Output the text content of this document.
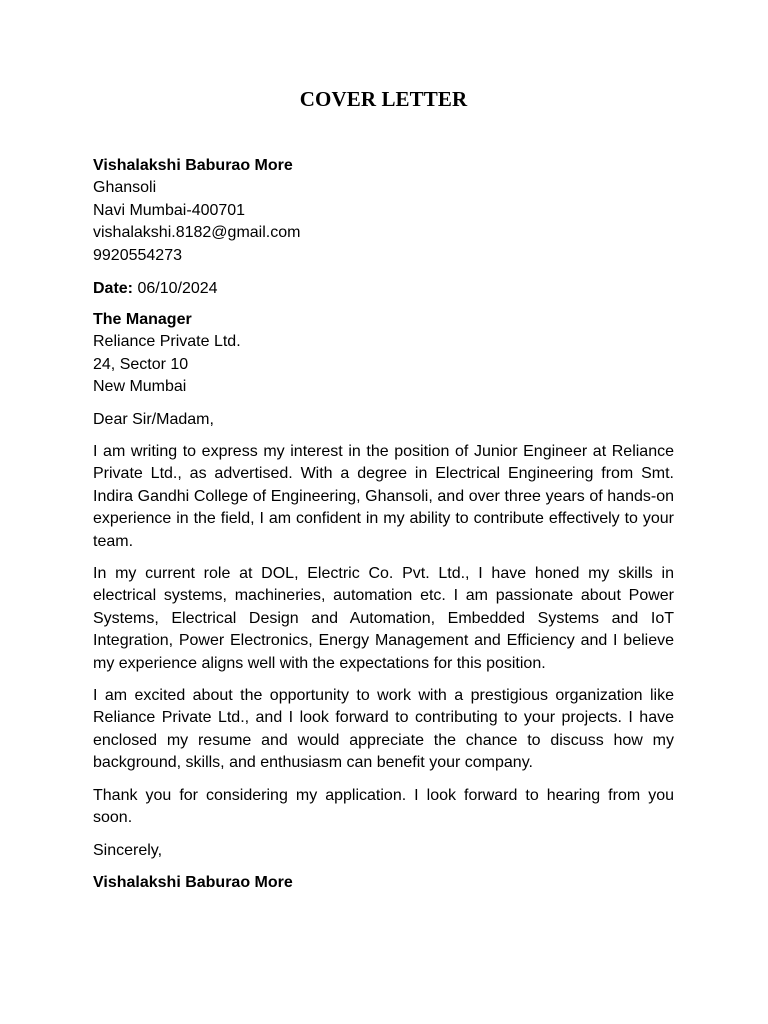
COVER LETTER
Vishalakshi Baburao More
Ghansoli
Navi Mumbai-400701
vishalakshi.8182@gmail.com
9920554273
Date: 06/10/2024
The Manager
Reliance Private Ltd.
24, Sector 10
New Mumbai
Dear Sir/Madam,
I am writing to express my interest in the position of Junior Engineer at Reliance Private Ltd., as advertised. With a degree in Electrical Engineering from Smt. Indira Gandhi College of Engineering, Ghansoli, and over three years of hands-on experience in the field, I am confident in my ability to contribute effectively to your team.
In my current role at DOL, Electric Co. Pvt. Ltd., I have honed my skills in electrical systems, machineries, automation etc. I am passionate about Power Systems, Electrical Design and Automation, Embedded Systems and IoT Integration, Power Electronics, Energy Management and Efficiency and I believe my experience aligns well with the expectations for this position.
I am excited about the opportunity to work with a prestigious organization like Reliance Private Ltd., and I look forward to contributing to your projects. I have enclosed my resume and would appreciate the chance to discuss how my background, skills, and enthusiasm can benefit your company.
Thank you for considering my application. I look forward to hearing from you soon.
Sincerely,
Vishalakshi Baburao More
